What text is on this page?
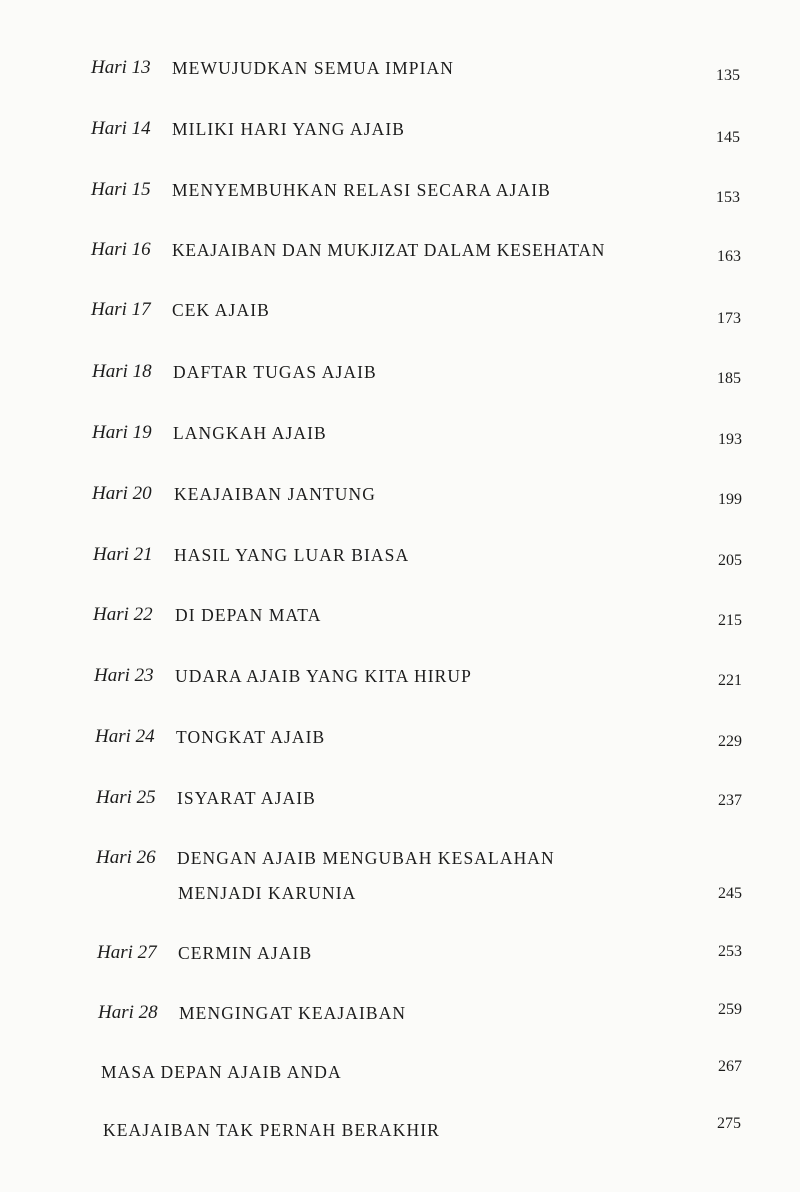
Hari 13 MEWUJUDKAN SEMUA IMPIAN	135
Hari 14 MILIKI HARI YANG AJAIB	145
Hari 15 MENYEMBUHKAN RELASI SECARA AJAIB	153
Hari 16 KEAJAIBAN DAN MUKJIZAT DALAM KESEHATAN	163
Hari 17 CEK AJAIB	173
Hari 18 DAFTAR TUGAS AJAIB	185
Hari 19 LANGKAH AJAIB	193
Hari 20 KEAJAIBAN JANTUNG	199
Hari 21 HASIL YANG LUAR BIASA	205
Hari 22 DI DEPAN MATA	215
Hari 23 UDARA AJAIB YANG KITA HIRUP	221
Hari 24 TONGKAT AJAIB	229
Hari 25 ISYARAT AJAIB	237
Hari 26 DENGAN AJAIB MENGUBAH KESALAHAN
MENJADI KARUNIA	245
Hari 27 CERMIN AJAIB	253
Hari 28 MENGINGAT KEAJAIBAN	259
MASA DEPAN AJAIB ANDA	267
KEAJAIBAN TAK PERNAH BERAKHIR	275
